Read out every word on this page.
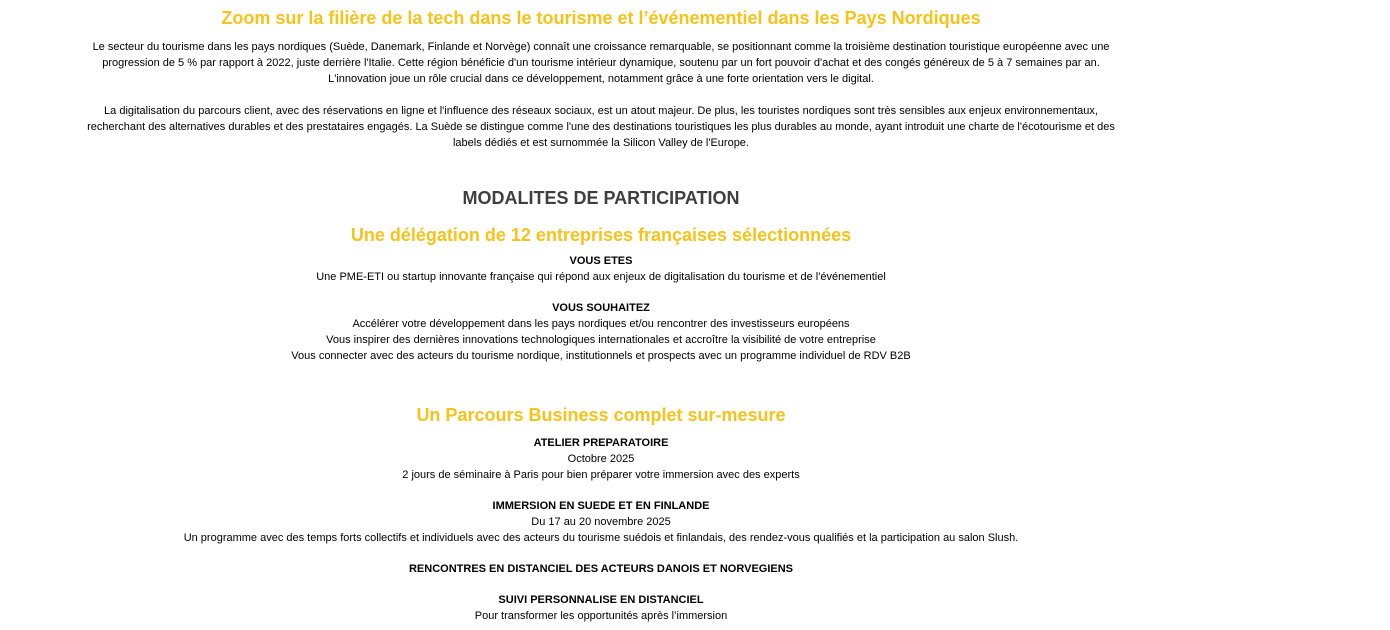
Zoom sur la filière de la tech dans le tourisme et l’événementiel dans les Pays Nordiques

Le secteur du tourisme dans les pays nordiques (Suède, Danemark, Finlande et Norvège) connaît une croissance remarquable, se positionnant comme la troisième destination touristique européenne avec une progression de 5 % par rapport à 2022, juste derrière l'Italie. Cette région bénéficie d'un tourisme intérieur dynamique, soutenu par un fort pouvoir d'achat et des congés généreux de 5 à 7 semaines par an. L'innovation joue un rôle crucial dans ce développement, notamment grâce à une forte orientation vers le digital.

La digitalisation du parcours client, avec des réservations en ligne et l'influence des réseaux sociaux, est un atout majeur. De plus, les touristes nordiques sont très sensibles aux enjeux environnementaux, recherchant des alternatives durables et des prestataires engagés. La Suède se distingue comme l'une des destinations touristiques les plus durables au monde, ayant introduit une charte de l'écotourisme et des labels dédiés et est surnommée la Silicon Valley de l'Europe.

MODALITES DE PARTICIPATION
Une délégation de 12 entreprises françaises sélectionnées

VOUS ETES

Une PME-ETI ou startup innovante française qui répond aux enjeux de digitalisation du tourisme et de l'événementiel

VOUS SOUHAITEZ

Accélérer votre développement dans les pays nordiques et/ou rencontrer des investisseurs européens

Vous inspirer des dernières innovations technologiques internationales et accroître la visibilité de votre entreprise

Vous connecter avec des acteurs du tourisme nordique, institutionnels et prospects avec un programme individuel de RDV B2B

Un Parcours Business complet sur-mesure

ATELIER PREPARATOIRE

Octobre 2025

2 jours de séminaire à Paris pour bien préparer votre immersion avec des experts

IMMERSION EN SUEDE ET EN FINLANDE

Du 17 au 20 novembre 2025

Un programme avec des temps forts collectifs et individuels avec des acteurs du tourisme suédois et finlandais, des rendez-vous qualifiés et la participation au salon Slush.

RENCONTRES EN DISTANCIEL DES ACTEURS DANOIS ET NORVEGIENS

SUIVI PERSONNALISE EN DISTANCIEL

Pour transformer les opportunités après l’immersion
